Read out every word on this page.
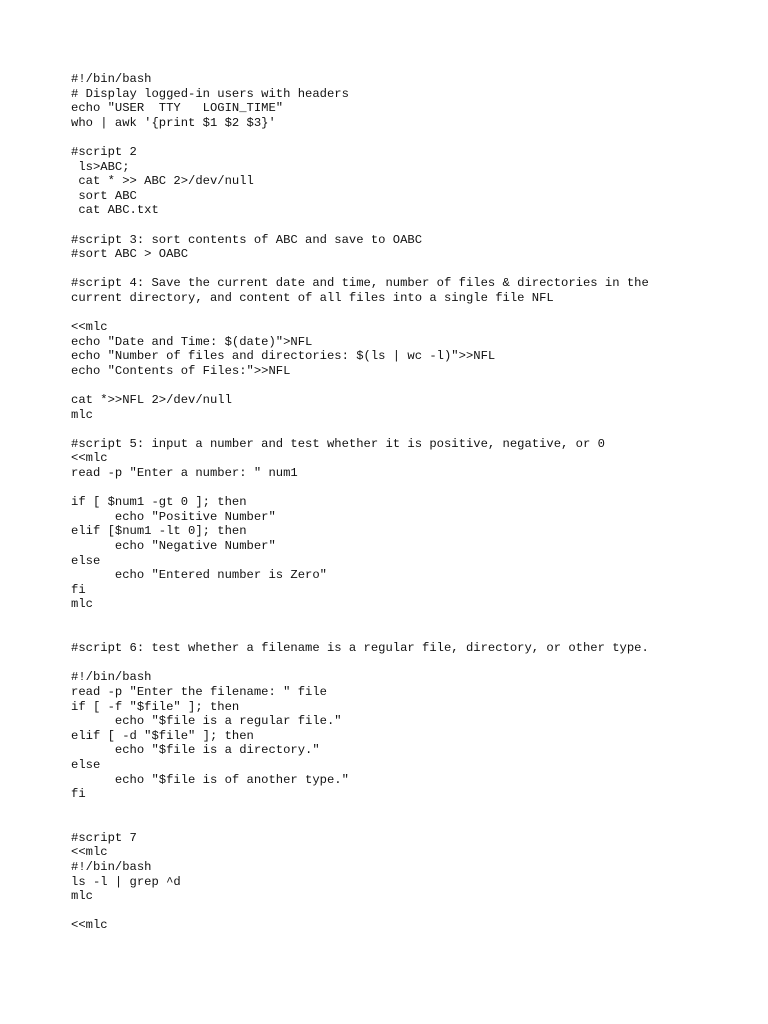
#!/bin/bash
# Display logged-in users with headers
echo "USER  TTY   LOGIN_TIME"
who | awk '{print $1 $2 $3}'
#script 2
ls>ABC;
cat * >> ABC 2>/dev/null
sort ABC
cat ABC.txt
#script 3: sort contents of ABC and save to OABC
#sort ABC > OABC
#script 4: Save the current date and time, number of files & directories in the
current directory, and content of all files into a single file NFL
<<mlc
echo "Date and Time: $(date)">NFL
echo "Number of files and directories: $(ls | wc -l)">>NFL
echo "Contents of Files:">>NFL
cat *>>NFL 2>/dev/null
mlc
#script 5: input a number and test whether it is positive, negative, or 0
<<mlc
read -p "Enter a number: " num1
if [ $num1 -gt 0 ]; then
echo "Positive Number"
elif [$num1 -lt 0]; then
echo "Negative Number"
else
echo "Entered number is Zero"
fi
mlc
#script 6: test whether a filename is a regular file, directory, or other type.
#!/bin/bash
read -p "Enter the filename: " file
if [ -f "$file" ]; then
echo "$file is a regular file."
elif [ -d "$file" ]; then
echo "$file is a directory."
else
echo "$file is of another type."
fi
#script 7
<<mlc
#!/bin/bash
ls -l | grep ^d
mlc
<<mlc
